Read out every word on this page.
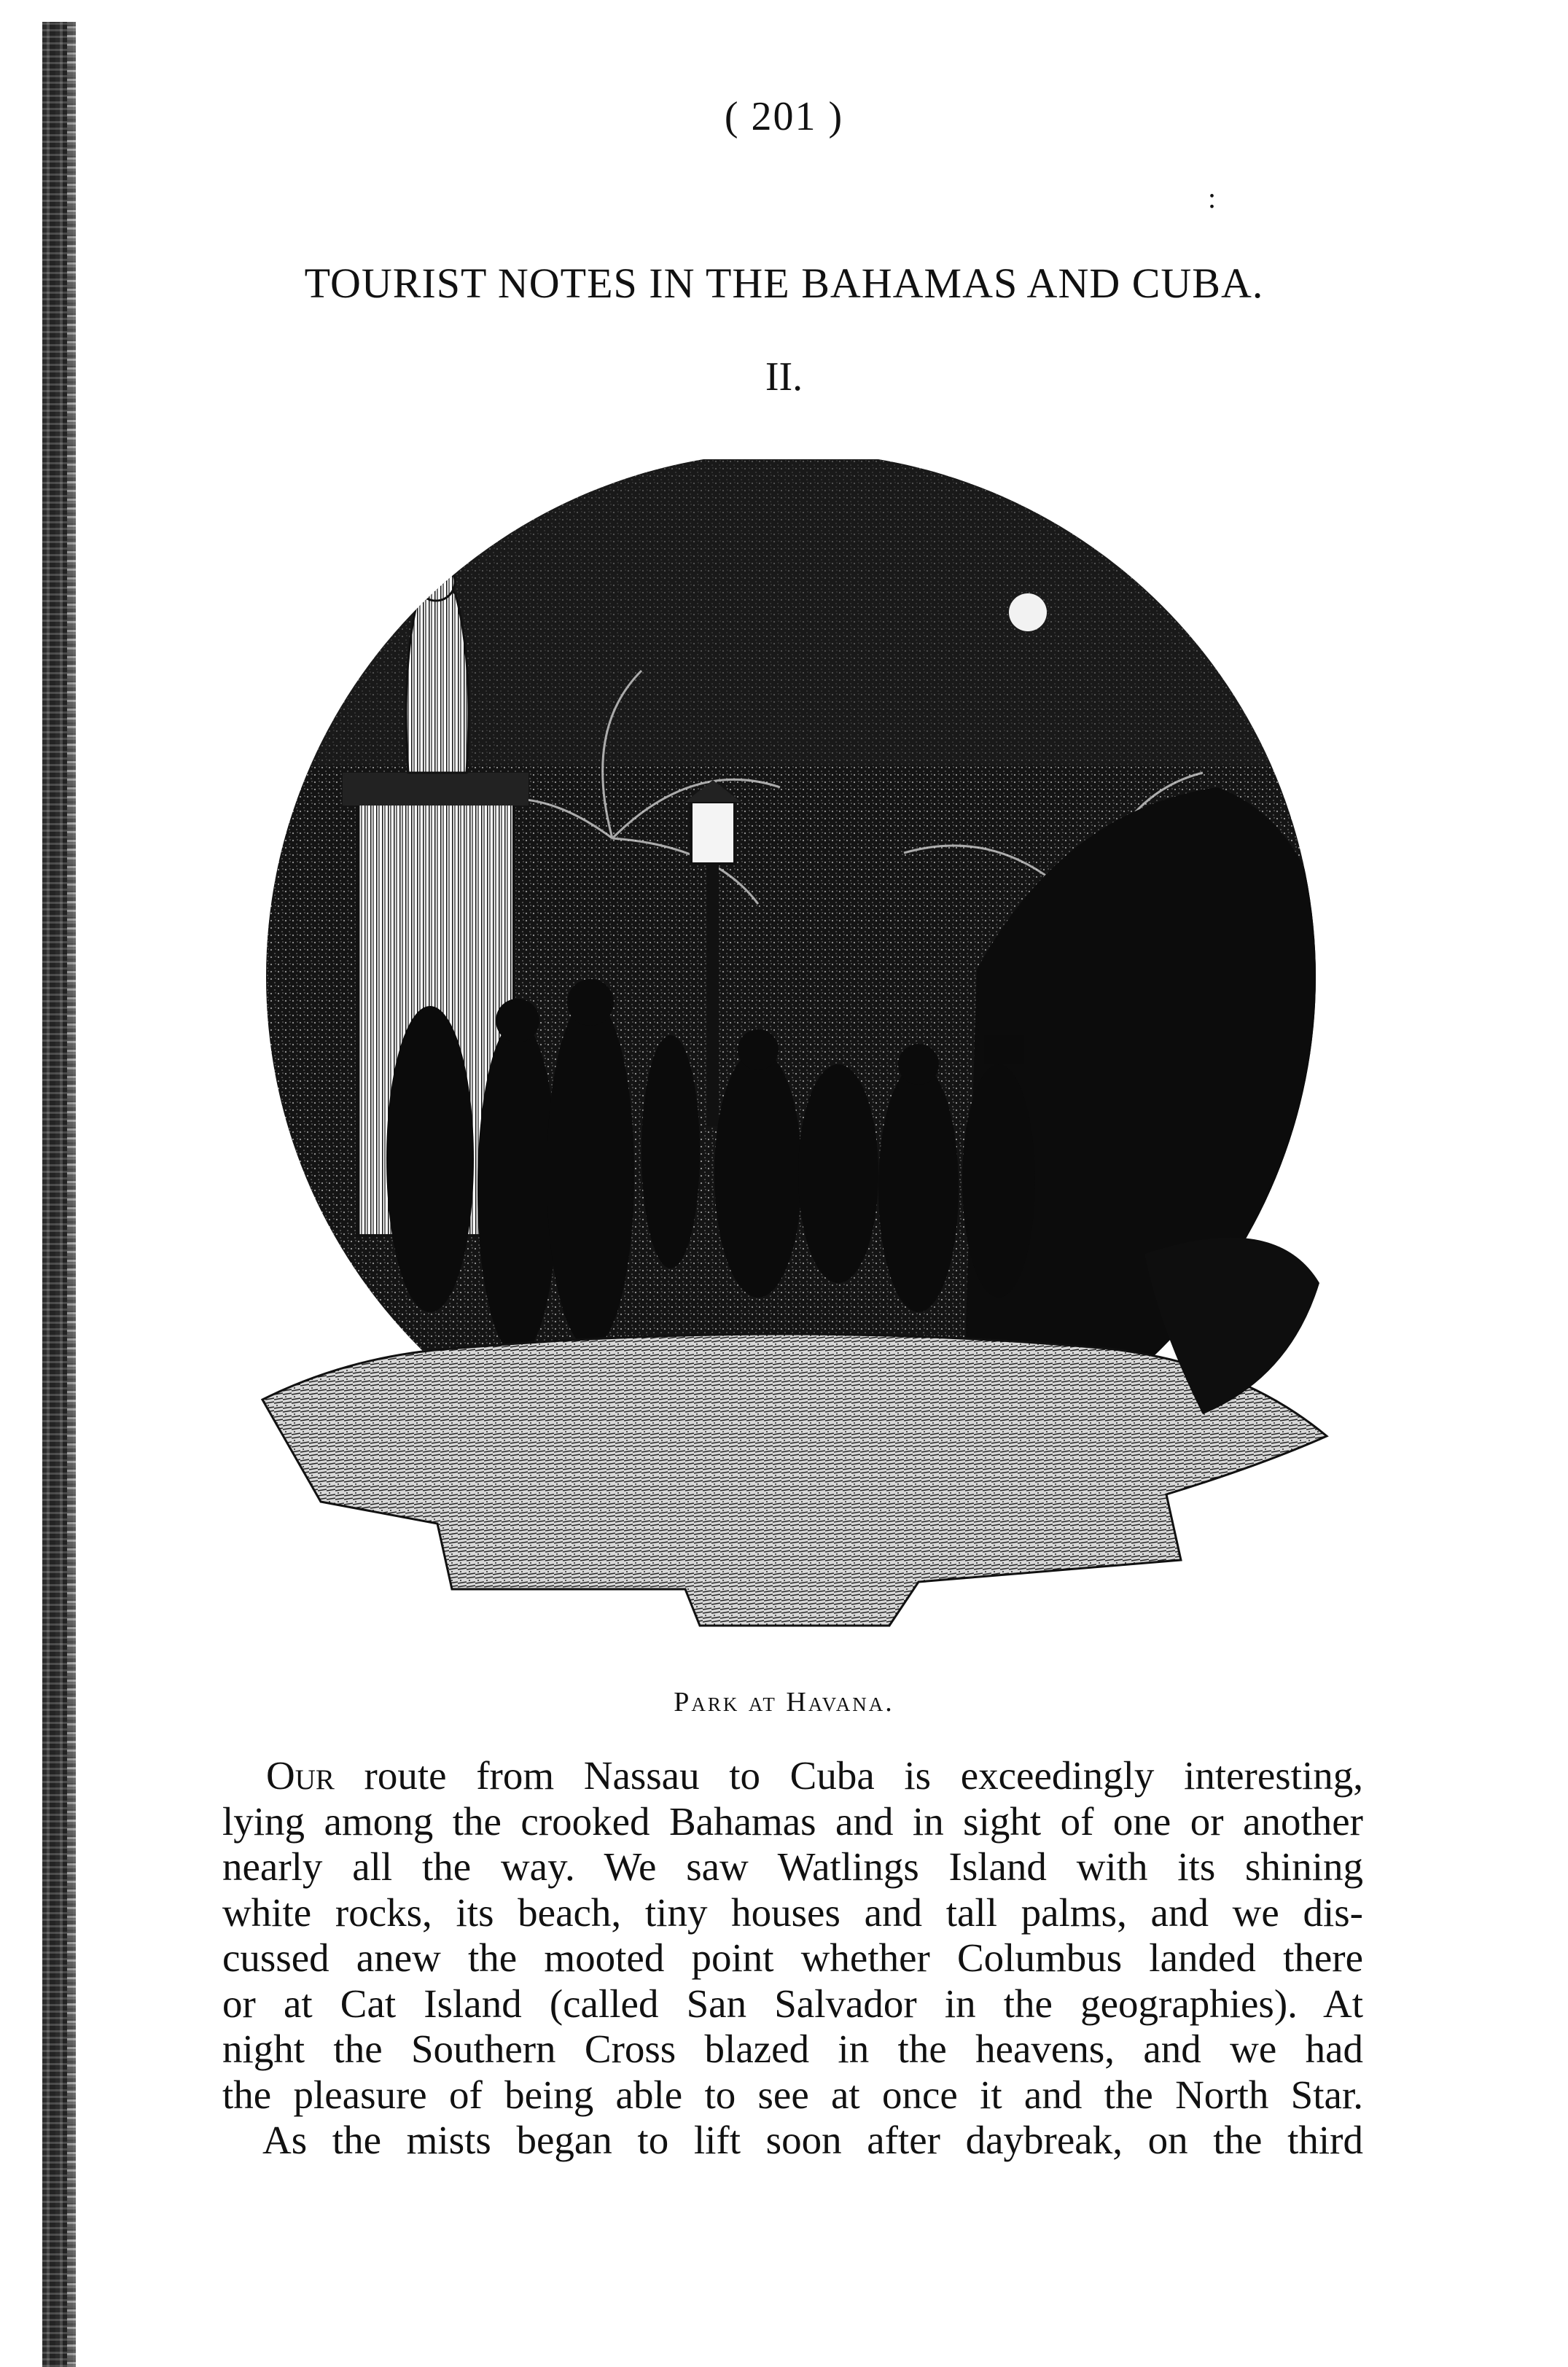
( 201 )
:
TOURIST NOTES IN THE BAHAMAS AND CUBA.
II.
Park at Havana.
Our route from Nassau to Cuba is exceedingly interesting,
lying among the crooked Bahamas and in sight of one or another
nearly all the way. We saw Watlings Island with its shining
white rocks, its beach, tiny houses and tall palms, and we dis-
cussed anew the mooted point whether Columbus landed there
or at Cat Island (called San Salvador in the geographies). At
night the Southern Cross blazed in the heavens, and we had
the pleasure of being able to see at once it and the North Star.
As the mists began to lift soon after daybreak, on the third
